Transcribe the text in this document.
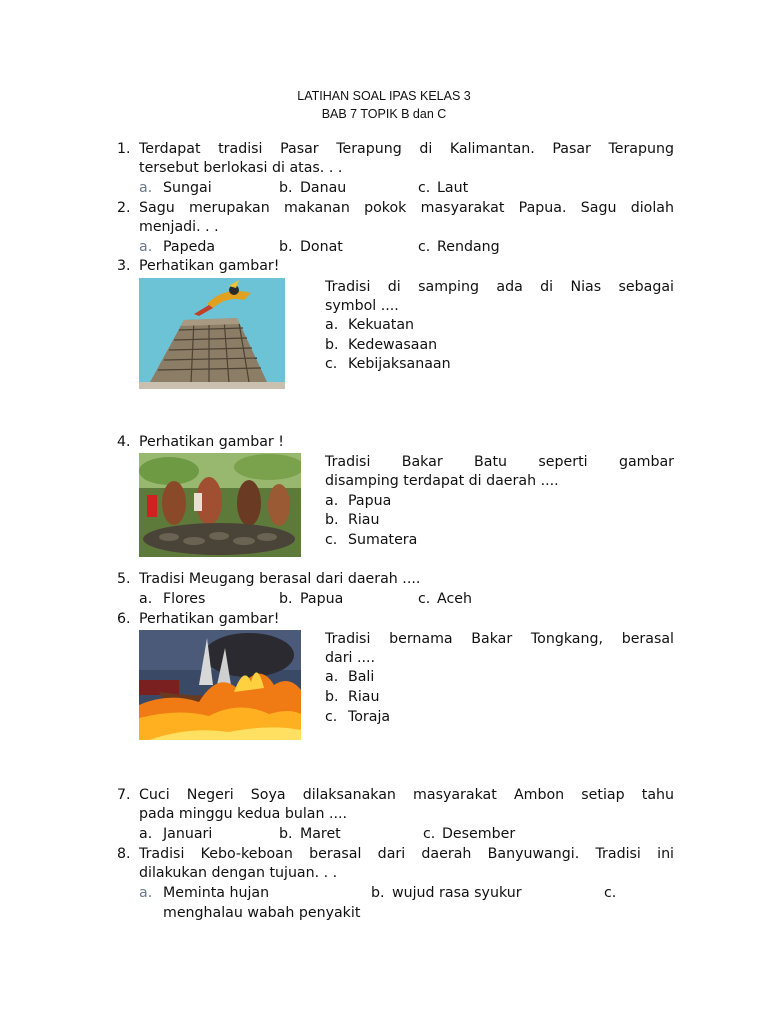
LATIHAN SOAL IPAS KELAS 3
BAB 7 TOPIK B dan C
1. Terdapat tradisi Pasar Terapung di Kalimantan. Pasar Terapung
tersebut berlokasi di atas. . .
a. Sungai	b. Danau	c. Laut
2. Sagu merupakan makanan pokok masyarakat Papua. Sagu diolah
menjadi. . .
a. Papeda	b. Donat	c. Rendang
3. Perhatikan gambar!
Tradisi di samping ada di Nias sebagai
symbol ....
a. Kekuatan
b. Kedewasaan
c. Kebijaksanaan
4. Perhatikan gambar !
Tradisi Bakar Batu seperti gambar
disamping terdapat di daerah ....
a. Papua
b. Riau
c. Sumatera
5. Tradisi Meugang berasal dari daerah ....
a. Flores	b. Papua	c. Aceh
6. Perhatikan gambar!
Tradisi bernama Bakar Tongkang, berasal
dari ....
a. Bali
b. Riau
c. Toraja
7. Cuci Negeri Soya dilaksanakan masyarakat Ambon setiap tahu
pada minggu kedua bulan ....
a. Januari	b. Maret	c. Desember
8. Tradisi Kebo-keboan berasal dari daerah Banyuwangi. Tradisi ini
dilakukan dengan tujuan. . .
a. Meminta hujan	b. wujud rasa syukur	c.
menghalau wabah penyakit
